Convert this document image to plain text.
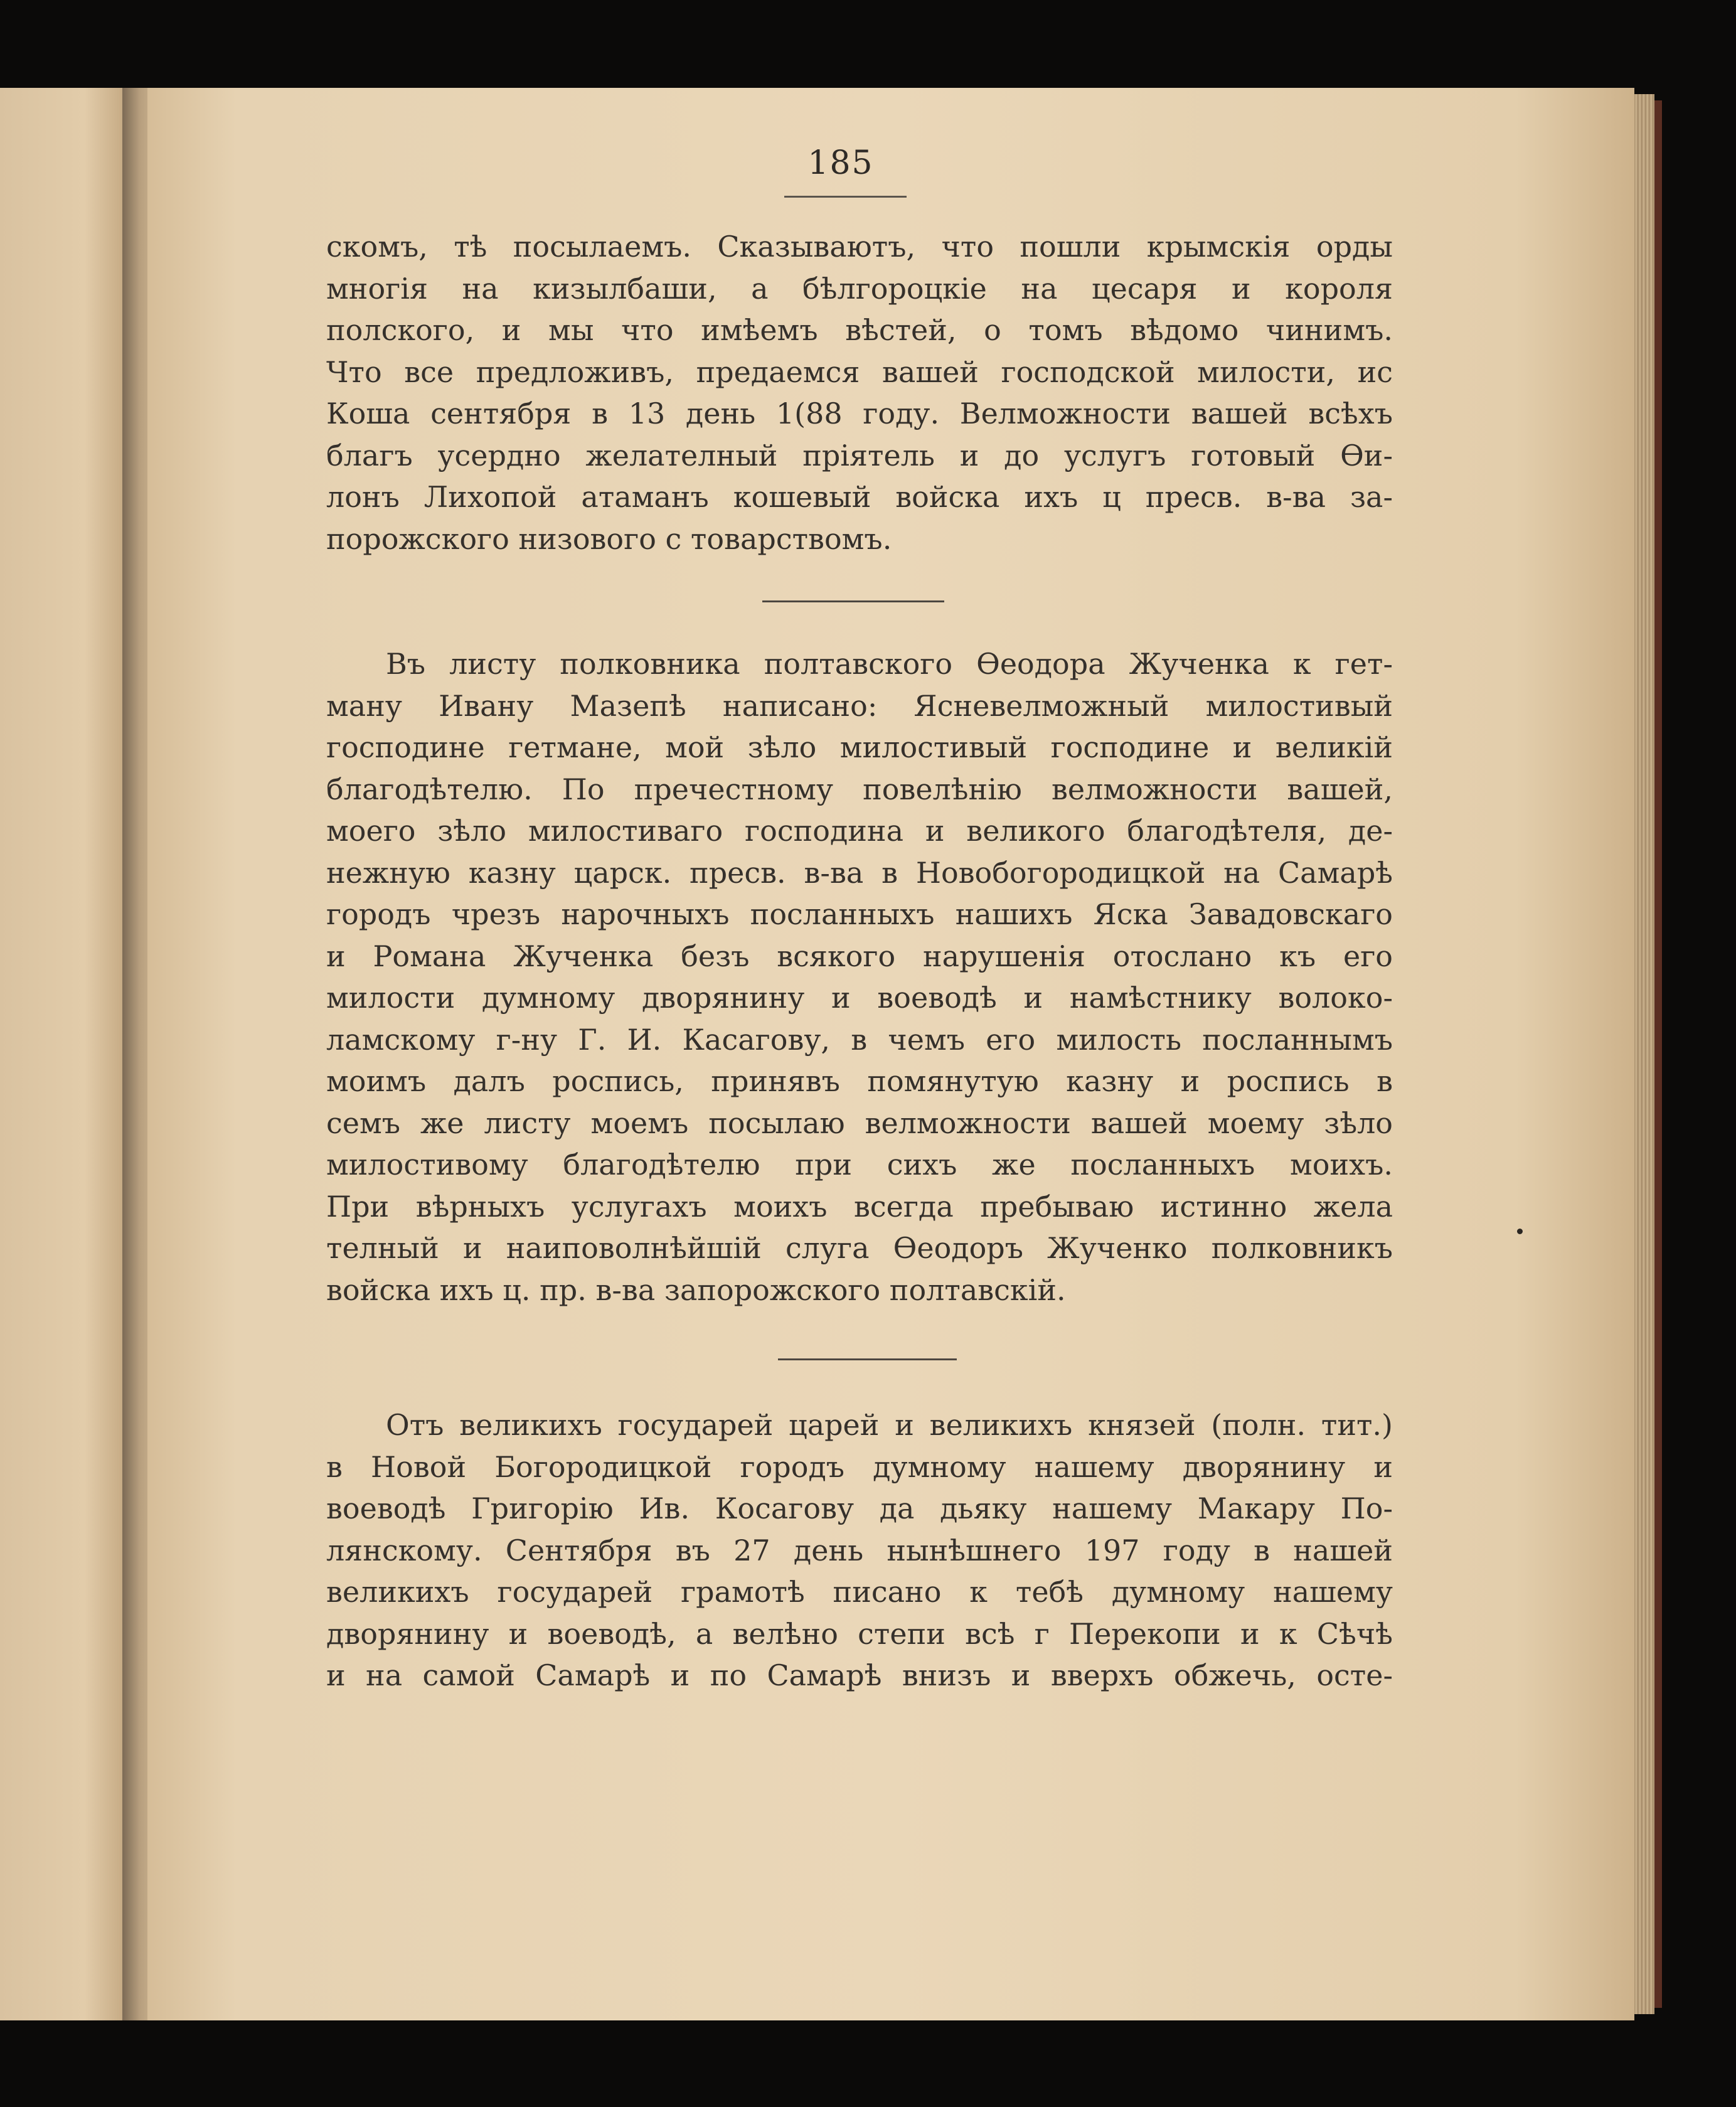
185
скомъ, тѣ посылаемъ. Сказываютъ, что пошли крымскія орды
многія на кизылбаши, а бѣлгороцкіе на цесаря и короля
полского, и мы что имѣемъ вѣстей, о томъ вѣдомо чинимъ.
Что все предложивъ, предаемся вашей господской милости, ис
Коша сентября в 13 день 1(88 году. Велможности вашей всѣхъ
благъ усердно желателный пріятель и до услугъ готовый Ѳи-
лонъ Лихопой атаманъ кошевый войска ихъ ц пресв. в-ва за-
порожского низового с товарствомъ.
Въ листу полковника полтавского Ѳеодора Жученка к гет-
ману Ивану Мазепѣ написано: Ясневелможный милостивый
господине гетмане, мой зѣло милостивый господине и великій
благодѣтелю. По пречестному повелѣнію велможности вашей,
моего зѣло милостиваго господина и великого благодѣтеля, де-
нежную казну царск. пресв. в-ва в Новобогородицкой на Самарѣ
городъ чрезъ нарочныхъ посланныхъ нашихъ Яска Завадовскаго
и Романа Жученка безъ всякого нарушенія отослано къ его
милости думному дворянину и воеводѣ и намѣстнику волоко-
ламскому г-ну Г. И. Касагову, в чемъ его милость посланнымъ
моимъ далъ роспись, принявъ помянутую казну и роспись в
семъ же листу моемъ посылаю велможности вашей моему зѣло
милостивому благодѣтелю при сихъ же посланныхъ моихъ.
При вѣрныхъ услугахъ моихъ всегда пребываю истинно жела
телный и наиповолнѣйшій слуга Ѳеодоръ Жученко полковникъ
войска ихъ ц. пр. в-ва запорожского полтавскій.
Отъ великихъ государей царей и великихъ князей (полн. тит.)
в Новой Богородицкой городъ думному нашему дворянину и
воеводѣ Григорію Ив. Косагову да дьяку нашему Макару По-
лянскому. Сентября въ 27 день нынѣшнего 197 году в нашей
великихъ государей грамотѣ писано к тебѣ думному нашему
дворянину и воеводѣ, а велѣно степи всѣ г Перекопи и к Сѣчѣ
и на самой Самарѣ и по Самарѣ внизъ и вверхъ обжечь, осте-
